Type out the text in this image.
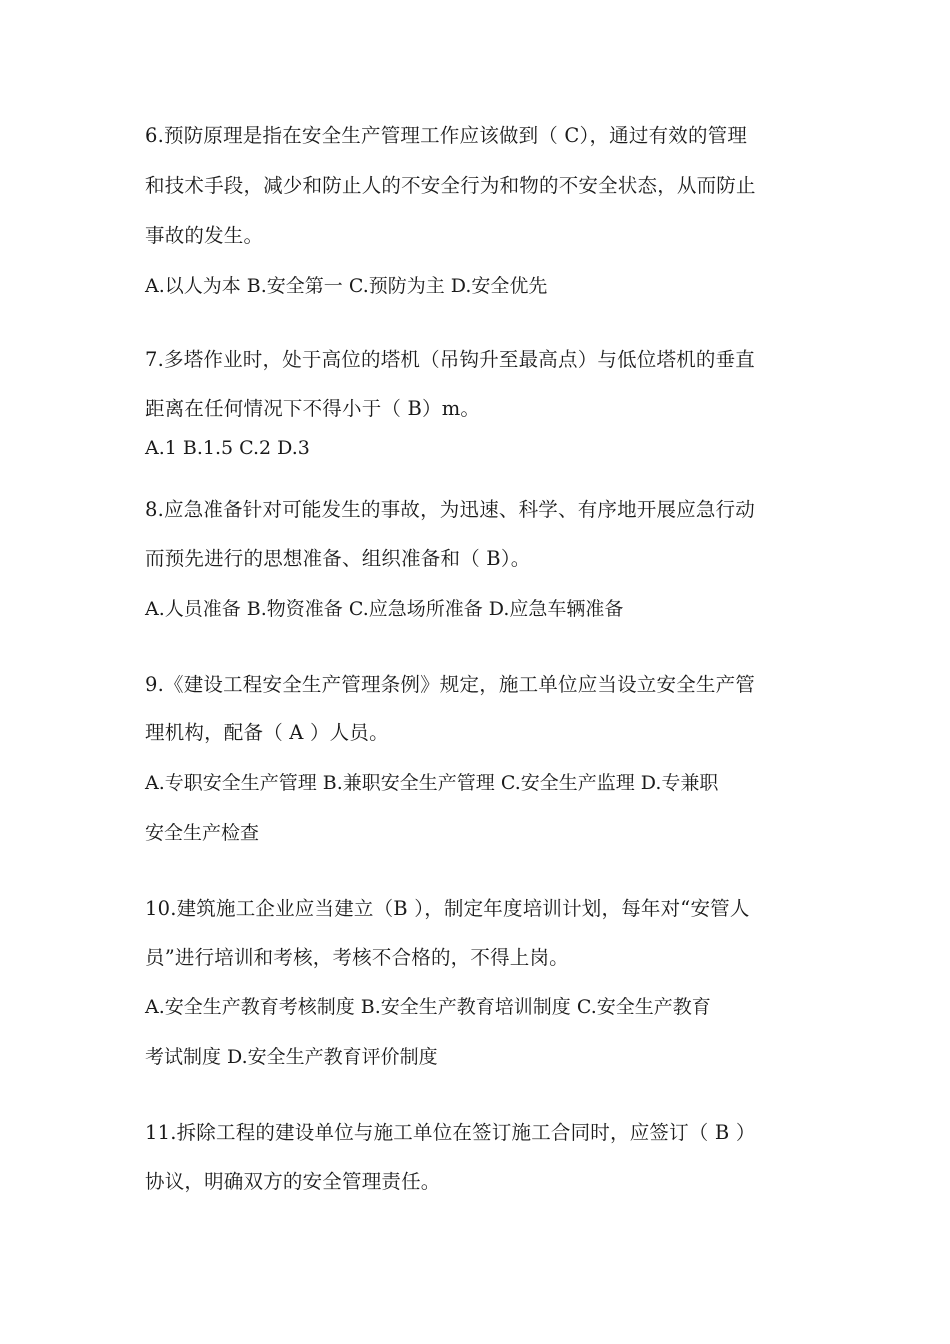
6.预防原理是指在安全生产管理工作应该做到（ C），通过有效的管理
和技术手段，减少和防止人的不安全行为和物的不安全状态，从而防止
事故的发生。
A.以人为本 B.安全第一 C.预防为主 D.安全优先
7.多塔作业时，处于高位的塔机（吊钩升至最高点）与低位塔机的垂直
距离在任何情况下不得小于（ B）m。
A.1 B.1.5 C.2 D.3
8.应急准备针对可能发生的事故，为迅速、科学、有序地开展应急行动
而预先进行的思想准备、组织准备和（ B）。
A.人员准备 B.物资准备 C.应急场所准备 D.应急车辆准备
9.《建设工程安全生产管理条例》规定，施工单位应当设立安全生产管
理机构，配备（ A ）人员。
A.专职安全生产管理 B.兼职安全生产管理 C.安全生产监理 D.专兼职
安全生产检查
10.建筑施工企业应当建立（B ），制定年度培训计划，每年对“安管人
员”进行培训和考核，考核不合格的，不得上岗。
A.安全生产教育考核制度 B.安全生产教育培训制度 C.安全生产教育
考试制度 D.安全生产教育评价制度
11.拆除工程的建设单位与施工单位在签订施工合同时，应签订（ B ）
协议，明确双方的安全管理责任。
